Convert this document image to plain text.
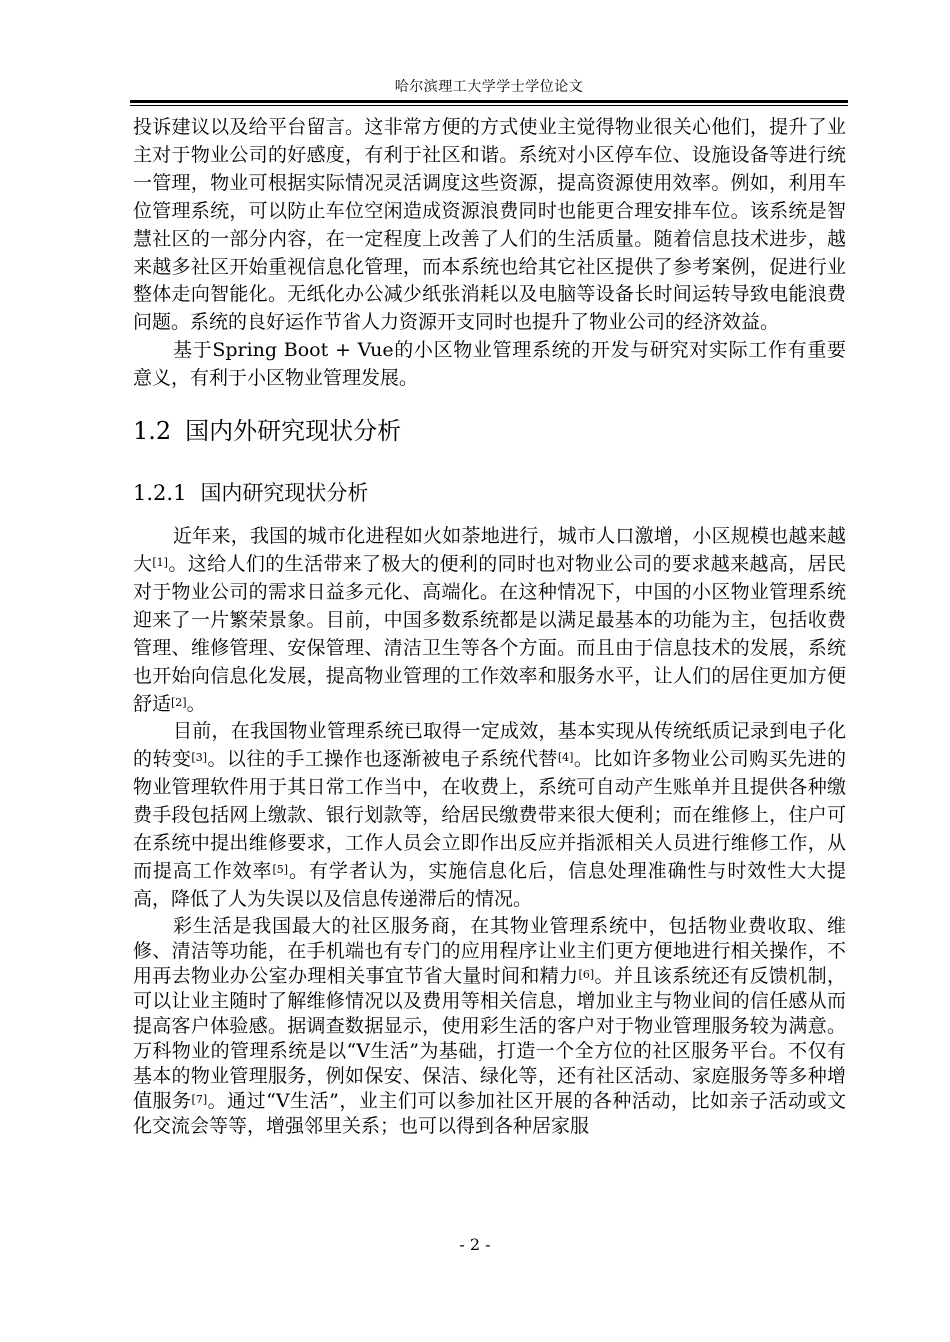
哈尔滨理工大学学士学位论文

投诉建议以及给平台留言。这非常方便的方式使业主觉得物业很关心他们，提升了业主对于物业公司的好感度，有利于社区和谐。系统对小区停车位、设施设备等进行统一管理，物业可根据实际情况灵活调度这些资源，提高资源使用效率。例如，利用车位管理系统，可以防止车位空闲造成资源浪费同时也能更合理安排车位。该系统是智慧社区的一部分内容，在一定程度上改善了人们的生活质量。随着信息技术进步，越来越多社区开始重视信息化管理，而本系统也给其它社区提供了参考案例，促进行业整体走向智能化。无纸化办公减少纸张消耗以及电脑等设备长时间运转导致电能浪费问题。系统的良好运作节省人力资源开支同时也提升了物业公司的经济效益。

基于Spring Boot + Vue的小区物业管理系统的开发与研究对实际工作有重要意义，有利于小区物业管理发展。

1.2 国内外研究现状分析
1.2.1 国内研究现状分析

近年来，我国的城市化进程如火如荼地进行，城市人口激增，小区规模也越来越大[1]。这给人们的生活带来了极大的便利的同时也对物业公司的要求越来越高，居民对于物业公司的需求日益多元化、高端化。在这种情况下，中国的小区物业管理系统迎来了一片繁荣景象。目前，中国多数系统都是以满足最基本的功能为主，包括收费管理、维修管理、安保管理、清洁卫生等各个方面。而且由于信息技术的发展，系统也开始向信息化发展，提高物业管理的工作效率和服务水平，让人们的居住更加方便舒适[2]。

目前，在我国物业管理系统已取得一定成效，基本实现从传统纸质记录到电子化的转变[3]。以往的手工操作也逐渐被电子系统代替[4]。比如许多物业公司购买先进的物业管理软件用于其日常工作当中，在收费上，系统可自动产生账单并且提供各种缴费手段包括网上缴款、银行划款等，给居民缴费带来很大便利；而在维修上，住户可在系统中提出维修要求，工作人员会立即作出反应并指派相关人员进行维修工作，从而提高工作效率[5]。有学者认为，实施信息化后，信息处理准确性与时效性大大提高，降低了人为失误以及信息传递滞后的情况。

彩生活是我国最大的社区服务商，在其物业管理系统中，包括物业费收取、维修、清洁等功能，在手机端也有专门的应用程序让业主们更方便地进行相关操作，不用再去物业办公室办理相关事宜节省大量时间和精力[6]。并且该系统还有反馈机制，可以让业主随时了解维修情况以及费用等相关信息，增加业主与物业间的信任感从而提高客户体验感。据调查数据显示，使用彩生活的客户对于物业管理服务较为满意。万科物业的管理系统是以“V生活”为基础，打造一个全方位的社区服务平台。不仅有基本的物业管理服务，例如保安、保洁、绿化等，还有社区活动、家庭服务等多种增值服务[7]。通过“V生活”，业主们可以参加社区开展的各种活动，比如亲子活动或文化交流会等等，增强邻里关系；也可以得到各种居家服

- 2 -
